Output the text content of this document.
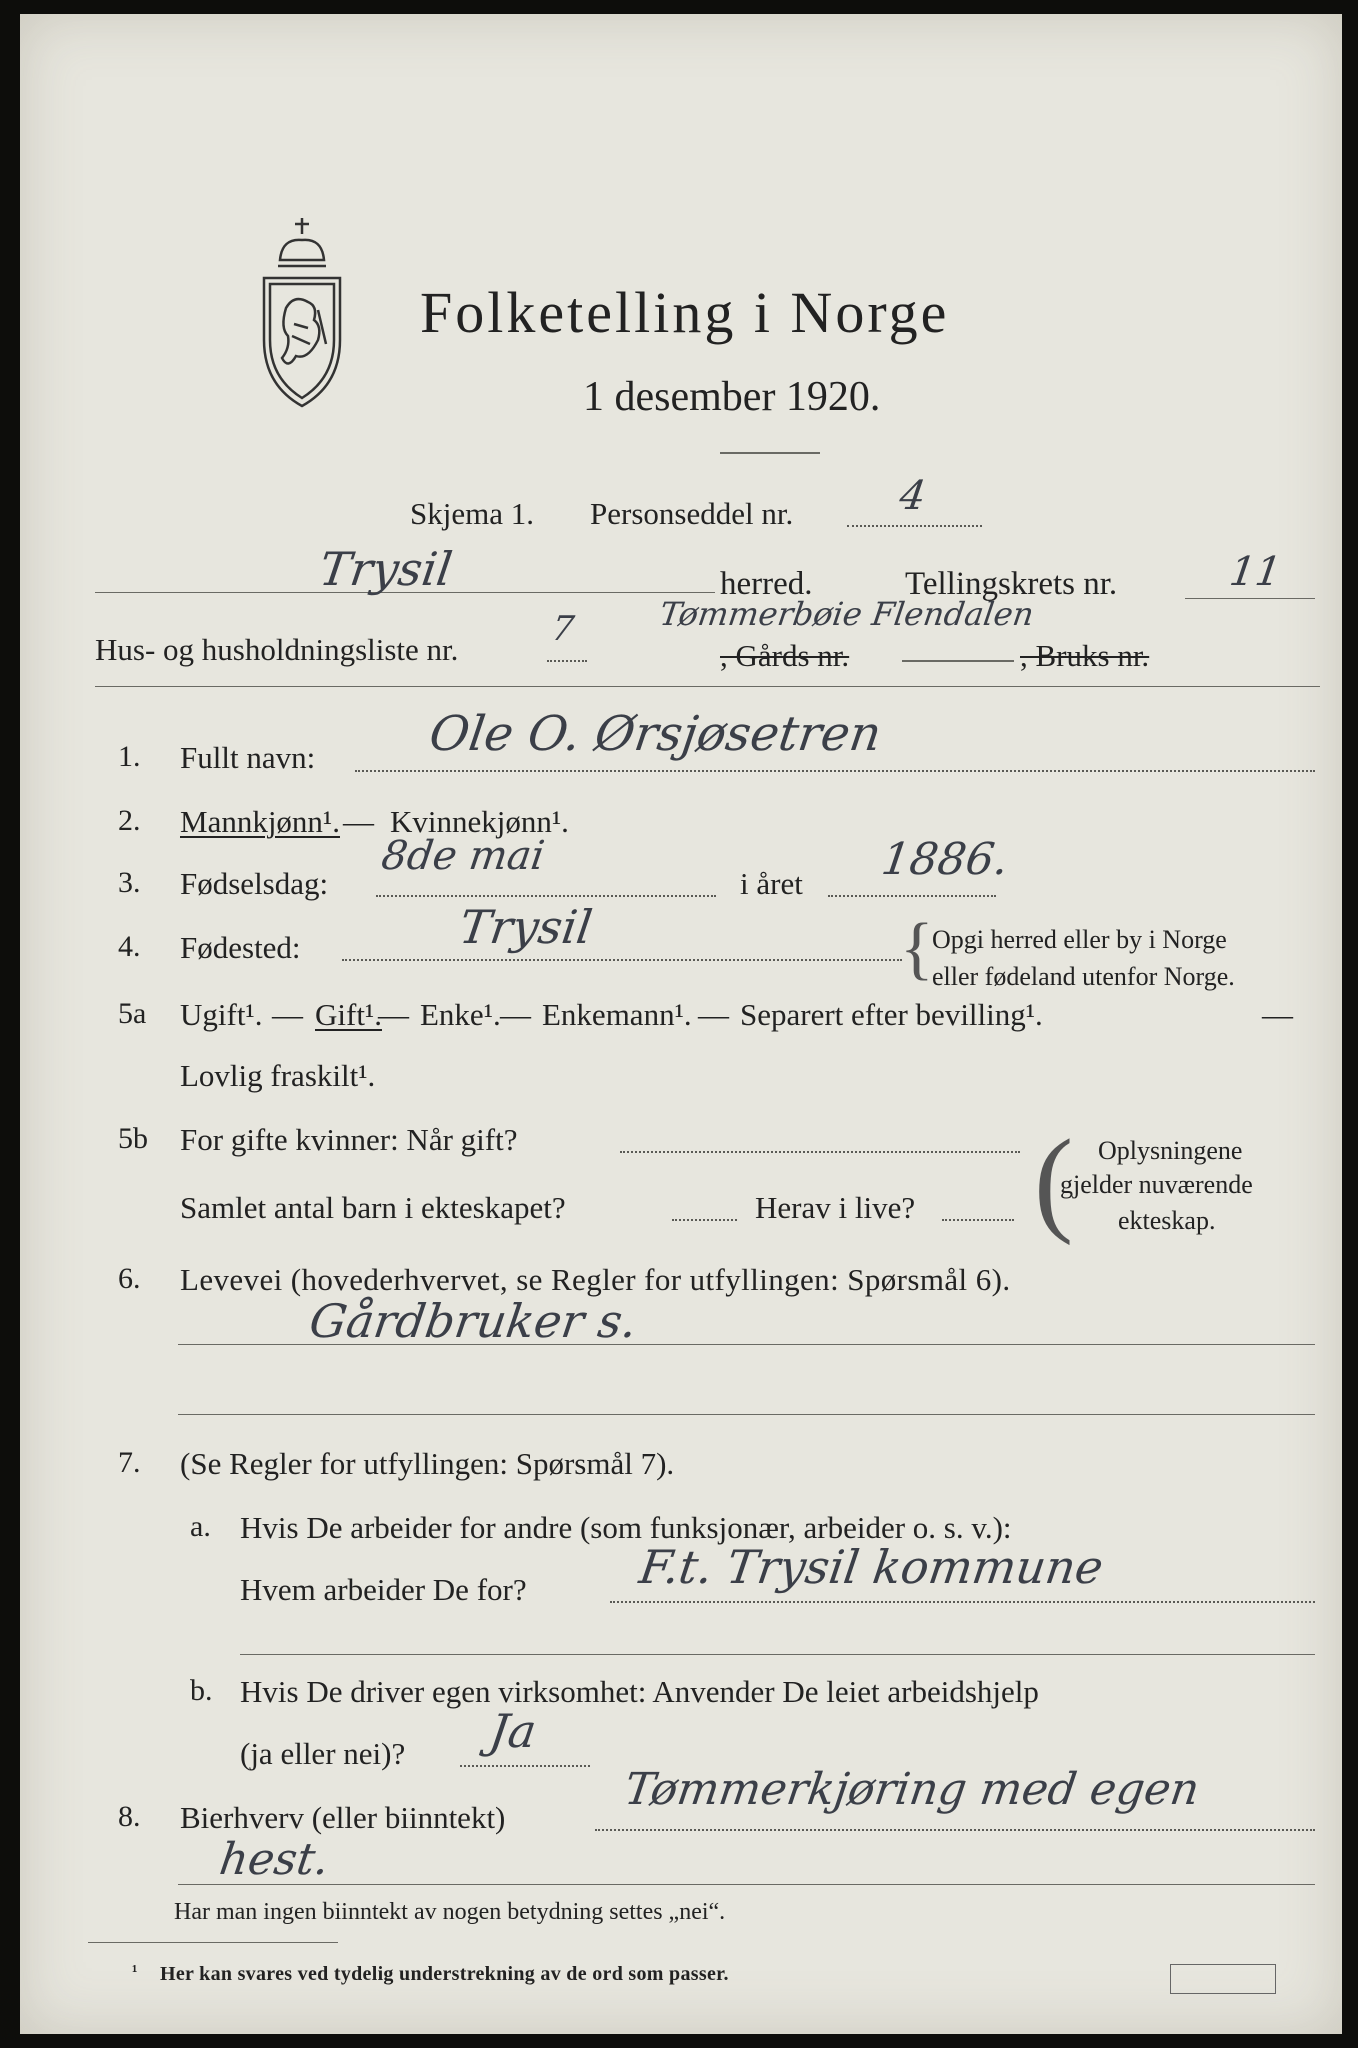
Folketelling i Norge
1 desember 1920.
Skjema 1. Personseddel nr.	4
Trysil	herred.	Tellingskrets nr.	11
Hus- og husholdningsliste nr.
7	Tømmerbøie Flendalen
, Gårds nr.	, Bruks nr.
1. Fullt navn: Ole O. Ørsjøsetren
2. Mannkjønn¹. — Kvinnekjønn¹.
3. Fødselsdag:
8de mai
i året 1886.
4. Fødested:	Trysil	{
Opgi herred eller by i Norge
eller fødeland utenfor Norge.
5a Ugift¹. — Gift¹.
— Enke¹. — Enkemann¹. — Separert efter bevilling¹.	—
Lovlig fraskilt¹.
5b For gifte kvinner: Når gift?
Samlet antal barn i ekteskapet?	Herav i live? ( Oplysningene
gjelder nuværende
ekteskap.
6. Levevei (hovederhvervet, se Regler for utfyllingen: Spørsmål 6).
Gårdbruker s.
7. (Se Regler for utfyllingen: Spørsmål 7).
a. Hvis De arbeider for andre (som funksjonær, arbeider o. s. v.):
Hvem arbeider De for? F.t. Trysil kommune
b. Hvis De driver egen virksomhet: Anvender De leiet arbeidshjelp
(ja eller nei)? Ja
8. Bierhverv (eller biinntekt)
Tømmerkjøring med egen
hest.
Har man ingen biinntekt av nogen betydning settes „nei“.
¹ Her kan svares ved tydelig understrekning av de ord som passer.
